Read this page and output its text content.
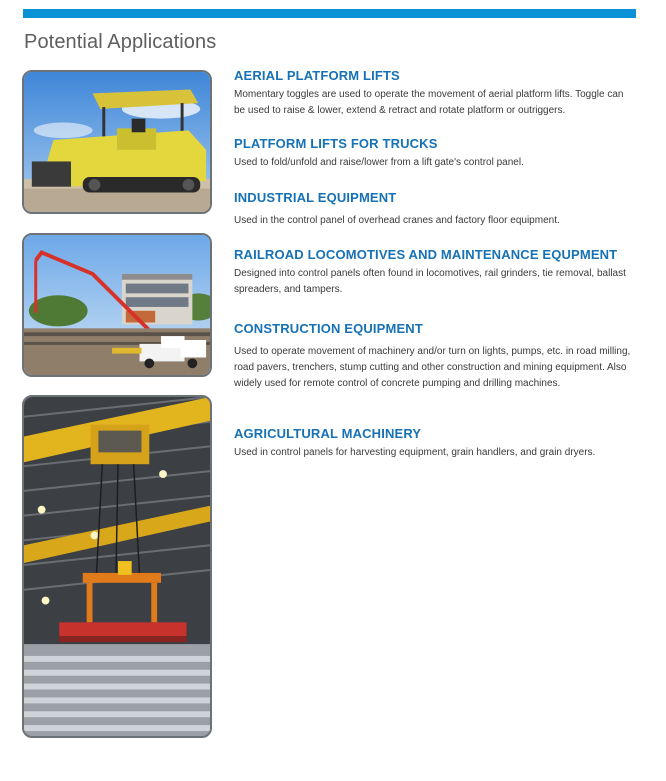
Potential Applications
AERIAL PLATFORM LIFTS

Momentary toggles are used to operate the movement of aerial platform lifts. Toggle can be used to raise & lower, extend & retract and rotate platform or outriggers.

PLATFORM LIFTS FOR TRUCKS

Used to fold/unfold and raise/lower from a lift gate's control panel.

INDUSTRIAL EQUIPMENT

Used in the control panel of overhead cranes and factory floor equipment.

RAILROAD LOCOMOTIVES AND MAINTENANCE EQUPMENT

Designed into control panels often found in locomotives, rail grinders, tie removal, ballast spreaders, and tampers.

CONSTRUCTION EQUIPMENT

Used to operate movement of machinery and/or turn on lights, pumps, etc. in road milling, road pavers, trenchers, stump cutting and other construction and mining equipment. Also widely used for remote control of concrete pumping and drilling machines.

AGRICULTURAL MACHINERY

Used in control panels for harvesting equipment, grain handlers, and grain dryers.
